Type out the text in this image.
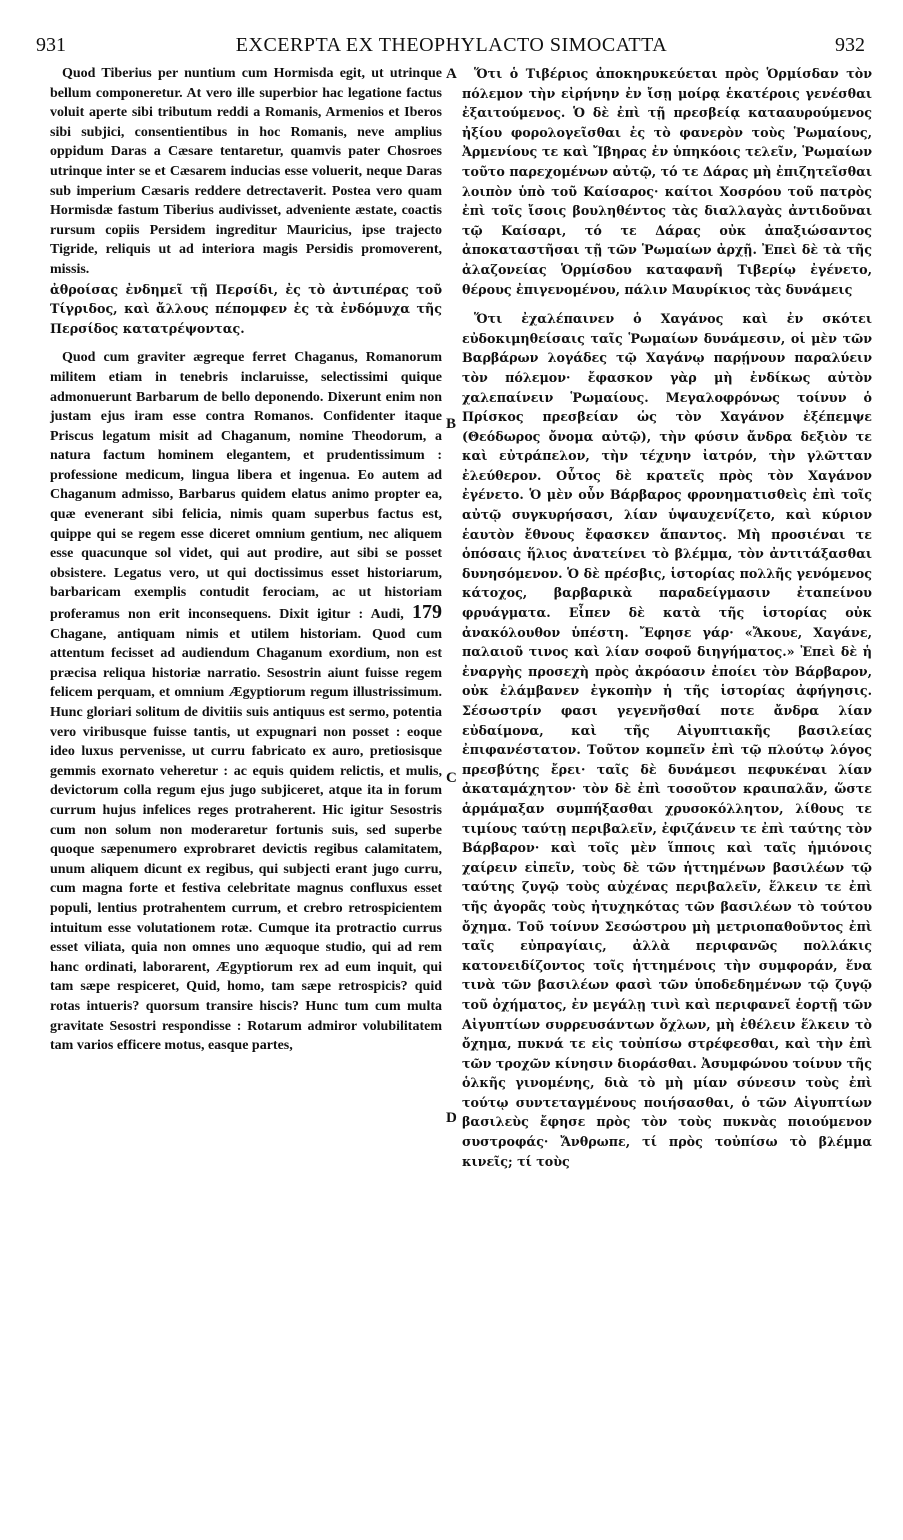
931	EXCERPTA EX THEOPHYLACTO SIMOCATTA	932
A
B
C
D

Quod Tiberius per nuntium cum Hormisda egit, ut utrinque bellum componeretur. At vero ille superbior hac legatione factus voluit aperte sibi tributum reddi a Romanis, Armenios et Iberos sibi subjici, consentientibus in hoc Romanis, neve amplius oppidum Daras a Cæsare tentaretur, quamvis pater Chosroes utrinque inter se et Cæsarem inducias esse voluerit, neque Daras sub imperium Cæsaris reddere detrectaverit. Postea vero quam Hormisdæ fastum Tiberius audivisset, adveniente æstate, coactis rursum copiis Persidem ingreditur Mauricius, ipse trajecto Tigride, reliquis ut ad interiora magis Persidis promoverent, missis.

ἀθροίσας ἐνδημεῖ τῇ Περσίδι, ἐς τὸ ἀντιπέρας τοῦ Τίγριδος, καὶ ἄλλους πέπομφεν ἐς τὰ ἐνδόμυχα τῆς Περσίδος κατατρέψοντας.

Quod cum graviter ægreque ferret Chaganus, Romanorum militem etiam in tenebris inclaruisse, selectissimi quique admonuerunt Barbarum de bello deponendo. Dixerunt enim non justam ejus iram esse contra Romanos. Confidenter itaque Priscus legatum misit ad Chaganum, nomine Theodorum, a natura factum hominem elegantem, et prudentissimum : professione medicum, lingua libera et ingenua. Eo autem ad Chaganum admisso, Barbarus quidem elatus animo propter ea, quæ evenerant sibi felicia, nimis quam superbus factus est, quippe qui se regem esse diceret omnium gentium, nec aliquem esse quacunque sol videt, qui aut prodire, aut sibi se posset obsistere. Legatus vero, ut qui doctissimus esset historiarum, barbaricam exemplis contudit ferociam, ac ut historiam proferamus non erit inconsequens. Dixit igitur : Audi, 179 Chagane, antiquam nimis et utilem historiam. Quod cum attentum fecisset ad audiendum Chaganum exordium, non est præcisa reliqua historiæ narratio. Sesostrin aiunt fuisse regem felicem perquam, et omnium Ægyptiorum regum illustrissimum. Hunc gloriari solitum de divitiis suis antiquus est sermo, potentia vero viribusque fuisse tantis, ut expugnari non posset : eoque ideo luxus pervenisse, ut curru fabricato ex auro, pretiosisque gemmis exornato veheretur : ac equis quidem relictis, et mulis, devictorum colla regum ejus jugo subjiceret, atque ita in forum currum hujus infelices reges protraherent. Hic igitur Sesostris cum non solum non moderaretur fortunis suis, sed superbe quoque sæpenumero exprobraret devictis regibus calamitatem, unum aliquem dicunt ex regibus, qui subjecti erant jugo curru, cum magna forte et festiva celebritate magnus confluxus esset populi, lentius protrahentem currum, et crebro retrospicientem intuitum esse volutationem rotæ. Cumque ita protractio currus esset viliata, quia non omnes uno æquoque studio, qui ad rem hanc ordinati, laborarent, Ægyptiorum rex ad eum inquit, qui tam sæpe respiceret, Quid, homo, tam sæpe retrospicis? quid rotas intueris? quorsum transire hiscis? Hunc tum cum multa gravitate Sesostri respondisse : Rotarum admiror volubilitatem tam varios efficere motus, easque partes,

Ὅτι ὁ Τιβέριος ἀποκηρυκεύεται πρὸς Ὁρμίσδαν τὸν πόλεμον τὴν εἰρήνην ἐν ἴσῃ μοίρᾳ ἑκατέροις γενέσθαι ἐξαιτούμενος. Ὁ δὲ ἐπὶ τῇ πρεσβείᾳ κατααυρούμενος ἠξίου φορολογεῖσθαι ἐς τὸ φανερὸν τοὺς Ῥωμαίους, Ἀρμενίους τε καὶ Ἴβηρας ἐν ὑπηκόοις τελεῖν, Ῥωμαίων τοῦτο παρεχομένων αὐτῷ, τό τε Δάρας μὴ ἐπιζητεῖσθαι λοιπὸν ὑπὸ τοῦ Καίσαρος· καίτοι Χοσρόου τοῦ πατρὸς ἐπὶ τοῖς ἴσοις βουληθέντος τὰς διαλλαγὰς ἀντιδοῦναι τῷ Καίσαρι, τό τε Δάρας οὐκ ἀπαξιώσαντος ἀποκαταστῆσαι τῇ τῶν Ῥωμαίων ἀρχῇ. Ἐπεὶ δὲ τὰ τῆς ἀλαζονείας Ὁρμίσδου καταφανῆ Τιβερίῳ ἐγένετο, θέρους ἐπιγενομένου, πάλιν Μαυρίκιος τὰς δυνάμεις

Ὅτι ἐχαλέπαινεν ὁ Χαγάνος καὶ ἐν σκότει εὐδοκιμηθείσαις ταῖς Ῥωμαίων δυνάμεσιν, οἱ μὲν τῶν Βαρβάρων λογάδες τῷ Χαγάνῳ παρῄνουν παραλύειν τὸν πόλεμον· ἔφασκον γὰρ μὴ ἐνδίκως αὐτὸν χαλεπαίνειν Ῥωμαίους. Μεγαλοφρόνως τοίνυν ὁ Πρίσκος πρεσβείαν ὡς τὸν Χαγάνον ἐξέπεμψε (Θεόδωρος ὄνομα αὐτῷ), τὴν φύσιν ἄνδρα δεξιὸν τε καὶ εὐτράπελον, τὴν τέχνην ἰατρόν, τὴν γλῶτταν ἐλεύθερον. Οὗτος δὲ κρατεῖς πρὸς τὸν Χαγάνον ἐγένετο. Ὁ μὲν οὖν Βάρβαρος φρονηματισθεὶς ἐπὶ τοῖς αὐτῷ συγκυρήσασι, λίαν ὑψαυχενίζετο, καὶ κύριον ἑαυτὸν ἔθνους ἔφασκεν ἅπαντος. Μὴ προσιέναι τε ὁπόσαις ἥλιος ἀνατείνει τὸ βλέμμα, τὸν ἀντιτάξασθαι δυνησόμενον. Ὁ δὲ πρέσβις, ἱστορίας πολλῆς γενόμενος κάτοχος, βαρβαρικὰ παραδείγμασιν ἐταπείνου φρυάγματα. Εἶπεν δὲ κατὰ τῆς ἱστορίας οὐκ ἀνακόλουθον ὑπέστη. Ἔφησε γάρ· «Ἄκουε, Χαγάνε, παλαιοῦ τινος καὶ λίαν σοφοῦ διηγήματος.» Ἐπεὶ δὲ ἡ ἐναργὴς προσεχὴ πρὸς ἀκρόασιν ἐποίει τὸν Βάρβαρον, οὐκ ἐλάμβανεν ἐγκοπὴν ἡ τῆς ἱστορίας ἀφήγησις. Σέσωστρίν φασι γεγενῆσθαί ποτε ἄνδρα λίαν εὐδαίμονα, καὶ τῆς Αἰγυπτιακῆς βασιλείας ἐπιφανέστατον. Τοῦτον κομπεῖν ἐπὶ τῷ πλούτῳ λόγος πρεσβύτης ἔρει· ταῖς δὲ δυνάμεσι πεφυκέναι λίαν ἀκαταμάχητον· τὸν δὲ ἐπὶ τοσοῦτον κραιπαλᾶν, ὥστε ἁρμάμαξαν συμπήξασθαι χρυσοκόλλητον, λίθους τε τιμίους ταύτῃ περιβαλεῖν, ἐφιζάνειν τε ἐπὶ ταύτης τὸν Βάρβαρον· καὶ τοῖς μὲν ἵπποις καὶ ταῖς ἡμιόνοις χαίρειν εἰπεῖν, τοὺς δὲ τῶν ἡττημένων βασιλέων τῷ ταύτης ζυγῷ τοὺς αὐχένας περιβαλεῖν, ἕλκειν τε ἐπὶ τῆς ἀγορᾶς τοὺς ἠτυχηκότας τῶν βασιλέων τὸ τούτου ὄχημα. Τοῦ τοίνυν Σεσώστρου μὴ μετριοπαθοῦντος ἐπὶ ταῖς εὐπραγίαις, ἀλλὰ περιφανῶς πολλάκις κατονειδίζοντος τοῖς ἡττημένοις τὴν συμφοράν, ἕνα τινὰ τῶν βασιλέων φασὶ τῶν ὑποδεδημένων τῷ ζυγῷ τοῦ ὀχήματος, ἐν μεγάλῃ τινὶ καὶ περιφανεῖ ἑορτῇ τῶν Αἰγυπτίων συρρευσάντων ὄχλων, μὴ ἐθέλειν ἕλκειν τὸ ὄχημα, πυκνά τε εἰς τοὐπίσω στρέφεσθαι, καὶ τὴν ἐπὶ τῶν τροχῶν κίνησιν διοράσθαι. Ἀσυμφώνου τοίνυν τῆς ὁλκῆς γινομένης, διὰ τὸ μὴ μίαν σύνεσιν τοὺς ἐπὶ τούτῳ συντεταγμένους ποιήσασθαι, ὁ τῶν Αἰγυπτίων βασιλεὺς ἔφησε πρὸς τὸν τοὺς πυκνὰς ποιούμενον συστροφάς· Ἄνθρωπε, τί πρὸς τοὐπίσω τὸ βλέμμα κινεῖς; τί τοὺς
